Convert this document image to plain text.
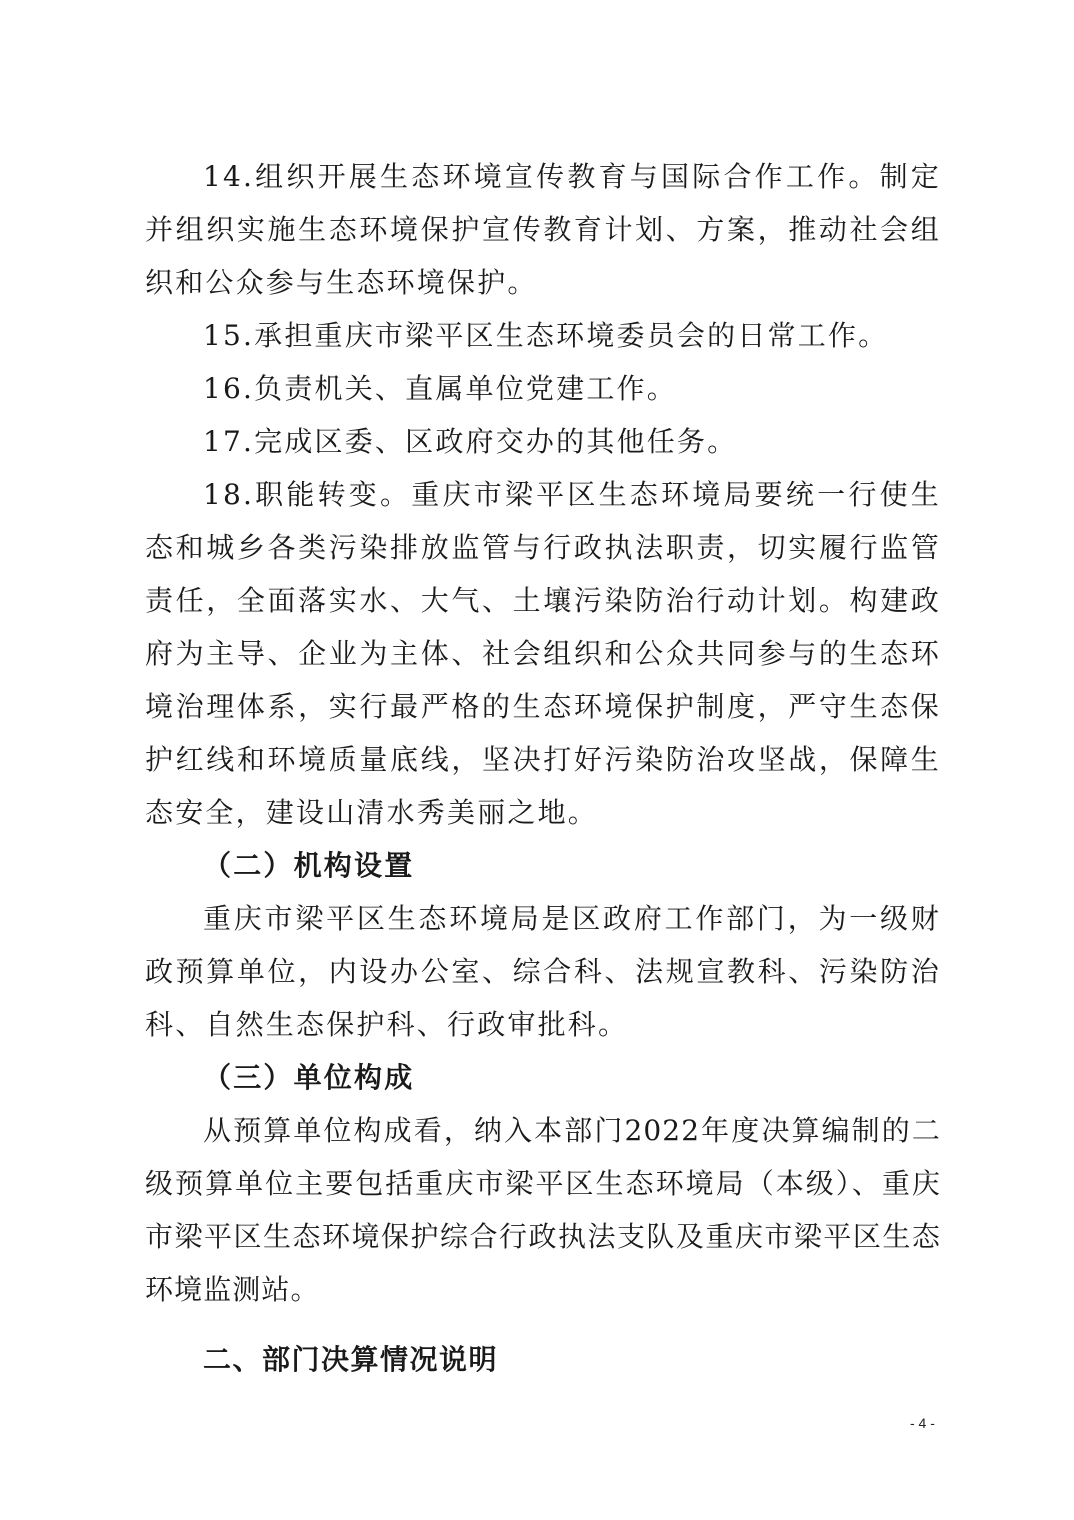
14.组织开展生态环境宣传教育与国际合作工作。制定并组织实施生态环境保护宣传教育计划、方案，推动社会组织和公众参与生态环境保护。

15.承担重庆市梁平区生态环境委员会的日常工作。

16.负责机关、直属单位党建工作。

17.完成区委、区政府交办的其他任务。

18.职能转变。重庆市梁平区生态环境局要统一行使生态和城乡各类污染排放监管与行政执法职责，切实履行监管责任，全面落实水、大气、土壤污染防治行动计划。构建政府为主导、企业为主体、社会组织和公众共同参与的生态环境治理体系，实行最严格的生态环境保护制度，严守生态保护红线和环境质量底线，坚决打好污染防治攻坚战，保障生态安全，建设山清水秀美丽之地。

（二）机构设置

重庆市梁平区生态环境局是区政府工作部门，为一级财政预算单位，内设办公室、综合科、法规宣教科、污染防治科、自然生态保护科、行政审批科。

（三）单位构成

从预算单位构成看，纳入本部门2022年度决算编制的二级预算单位主要包括重庆市梁平区生态环境局（本级）、重庆市梁平区生态环境保护综合行政执法支队及重庆市梁平区生态环境监测站。

二、部门决算情况说明
- 4 -
